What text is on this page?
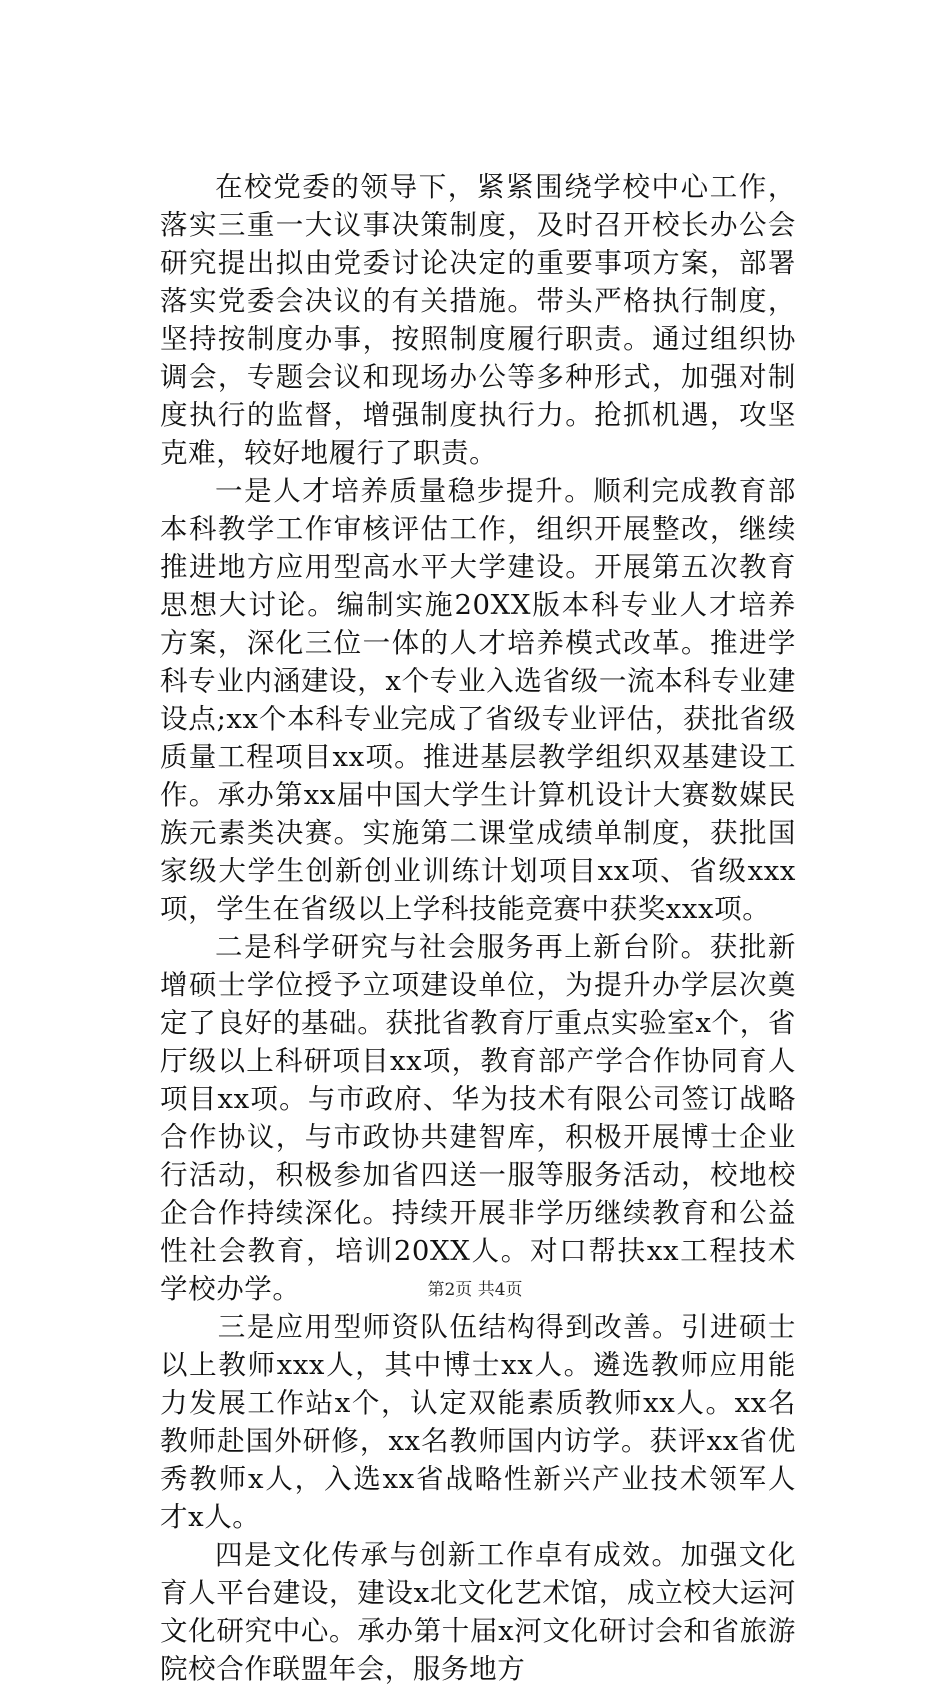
在校党委的领导下，紧紧围绕学校中心工作，落实三重一大议事决策制度，及时召开校长办公会研究提出拟由党委讨论决定的重要事项方案，部署落实党委会决议的有关措施。带头严格执行制度，坚持按制度办事，按照制度履行职责。通过组织协调会，专题会议和现场办公等多种形式，加强对制度执行的监督，增强制度执行力。抢抓机遇，攻坚克难，较好地履行了职责。

一是人才培养质量稳步提升。顺利完成教育部本科教学工作审核评估工作，组织开展整改，继续推进地方应用型高水平大学建设。开展第五次教育思想大讨论。编制实施20XX版本科专业人才培养方案，深化三位一体的人才培养模式改革。推进学科专业内涵建设，x个专业入选省级一流本科专业建设点;xx个本科专业完成了省级专业评估，获批省级质量工程项目xx项。推进基层教学组织双基建设工作。承办第xx届中国大学生计算机设计大赛数媒民族元素类决赛。实施第二课堂成绩单制度，获批国家级大学生创新创业训练计划项目xx项、省级xxx项，学生在省级以上学科技能竞赛中获奖xxx项。

二是科学研究与社会服务再上新台阶。获批新增硕士学位授予立项建设单位，为提升办学层次奠定了良好的基础。获批省教育厅重点实验室x个，省厅级以上科研项目xx项，教育部产学合作协同育人项目xx项。与市政府、华为技术有限公司签订战略合作协议，与市政协共建智库，积极开展博士企业行活动，积极参加省四送一服等服务活动，校地校企合作持续深化。持续开展非学历继续教育和公益性社会教育，培训20XX人。对口帮扶xx工程技术学校办学。

三是应用型师资队伍结构得到改善。引进硕士以上教师xxx人，其中博士xx人。遴选教师应用能力发展工作站x个，认定双能素质教师xx人。xx名教师赴国外研修，xx名教师国内访学。获评xx省优秀教师x人，入选xx省战略性新兴产业技术领军人才x人。

四是文化传承与创新工作卓有成效。加强文化育人平台建设，建设x北文化艺术馆，成立校大运河文化研究中心。承办第十届x河文化研讨会和省旅游院校合作联盟年会，服务地方

第2页 共4页
